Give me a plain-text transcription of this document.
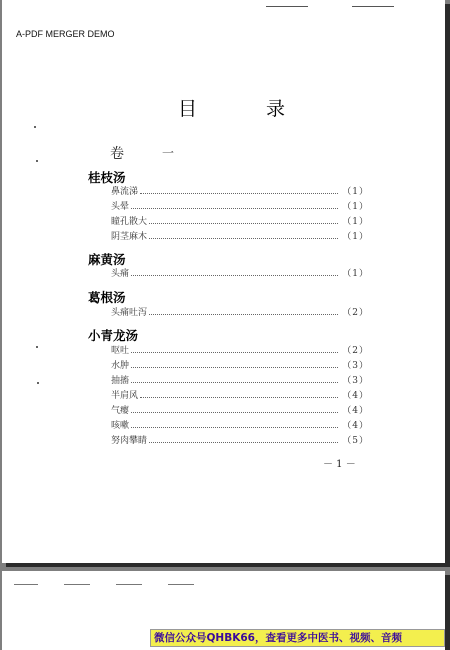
A-PDF MERGER DEMO
目	录
卷	一
桂枝汤
鼻流涕	（1）
头晕	（1）
瞳孔散大	（1）
阴茎麻木	（1）
麻黄汤
头痛	（1）
葛根汤
头痛吐泻	（2）
小青龙汤
呕吐	（2）
水肿	（3）
抽搐	（3）
半肩风	（4）
气瘿	（4）
咳嗽	（4）
努肉攀睛	（5）
－ 1 －
微信公众号QHBK66，查看更多中医书、视频、音频
